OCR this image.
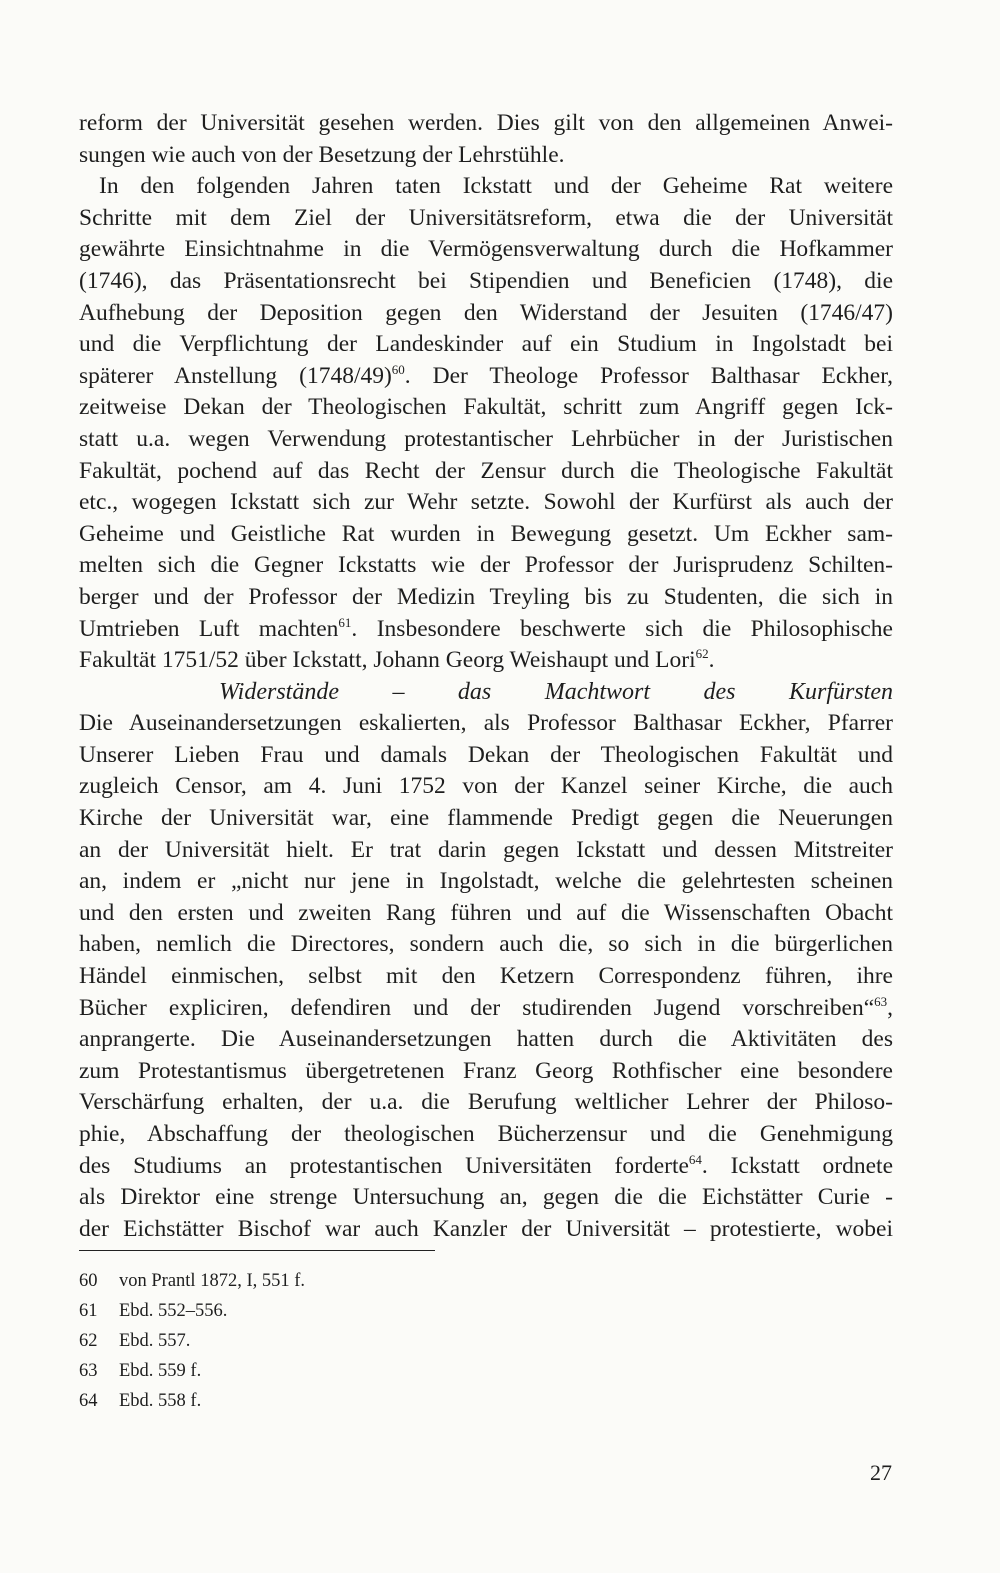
reform der Universität gesehen werden. Dies gilt von den allgemeinen Anwei-

sungen wie auch von der Besetzung der Lehrstühle.

In den folgenden Jahren taten Ickstatt und der Geheime Rat weitere

Schritte mit dem Ziel der Universitätsreform, etwa die der Universität

gewährte Einsichtnahme in die Vermögensverwaltung durch die Hofkammer

(1746), das Präsentationsrecht bei Stipendien und Beneficien (1748), die

Aufhebung der Deposition gegen den Widerstand der Jesuiten (1746/47)

und die Verpflichtung der Landeskinder auf ein Studium in Ingolstadt bei

späterer Anstellung $(1748/49)^{60}$. Der Theologe Professor Balthasar Eckher,

zeitweise Dekan der Theologischen Fakultät, schritt zum Angriff gegen Ick-

statt u.a. wegen Verwendung protestantischer Lehrbücher in der Juristischen

Fakultät, pochend auf das Recht der Zensur durch die Theologische Fakultät

etc., wogegen Ickstatt sich zur Wehr setzte. Sowohl der Kurfürst als auch der

Geheime und Geistliche Rat wurden in Bewegung gesetzt. Um Eckher sam-

melten sich die Gegner Ickstatts wie der Professor der Jurisprudenz Schilten-

berger und der Professor der Medizin Treyling bis zu Studenten, die sich in

Umtrieben Luft machten$^{61}$. Insbesondere beschwerte sich die Philosophische

Fakultät 1751/52 über Ickstatt, Johann Georg Weishaupt und Lori$^{62}$.

Widerstände – das Machtwort des Kurfürsten

Die Auseinandersetzungen eskalierten, als Professor Balthasar Eckher, Pfarrer

Unserer Lieben Frau und damals Dekan der Theologischen Fakultät und

zugleich Censor, am 4. Juni 1752 von der Kanzel seiner Kirche, die auch

Kirche der Universität war, eine flammende Predigt gegen die Neuerungen

an der Universität hielt. Er trat darin gegen Ickstatt und dessen Mitstreiter

an, indem er „nicht nur jene in Ingolstadt, welche die gelehrtesten scheinen

und den ersten und zweiten Rang führen und auf die Wissenschaften Obacht

haben, nemlich die Directores, sondern auch die, so sich in die bürgerlichen

Händel einmischen, selbst mit den Ketzern Correspondenz führen, ihre

Bücher expliciren, defendiren und der studirenden Jugend vorschreiben“$^{63}$,

anprangerte. Die Auseinandersetzungen hatten durch die Aktivitäten des

zum Protestantismus übergetretenen Franz Georg Rothfischer eine besondere

Verschärfung erhalten, der u.a. die Berufung weltlicher Lehrer der Philoso-

phie, Abschaffung der theologischen Bücherzensur und die Genehmigung

des Studiums an protestantischen Universitäten forderte$^{64}$. Ickstatt ordnete

als Direktor eine strenge Untersuchung an, gegen die die Eichstätter Curie -

der Eichstätter Bischof war auch Kanzler der Universität – protestierte, wobei

60	von Prantl 1872, I, 551 f.
61	Ebd. 552–556.
62	Ebd. 557.
63	Ebd. 559 f.
64	Ebd. 558 f.
27
